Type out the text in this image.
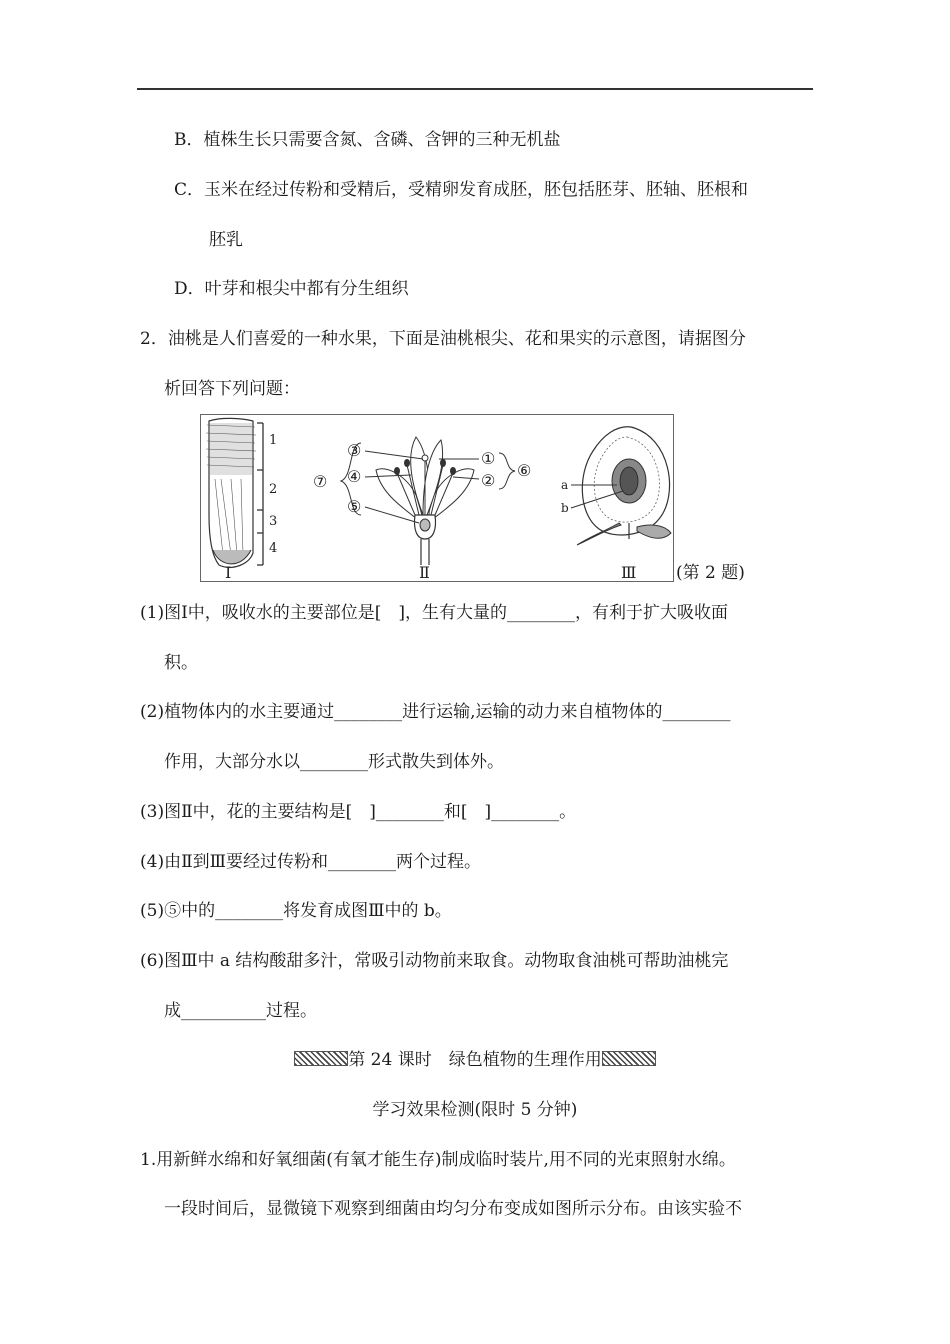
B．植株生长只需要含氮、含磷、含钾的三种无机盐
C．玉米在经过传粉和受精后，受精卵发育成胚，胚包括胚芽、胚轴、胚根和
胚乳
D．叶芽和根尖中都有分生组织
2．油桃是人们喜爱的一种水果，下面是油桃根尖、花和果实的示意图，请据图分
析回答下列问题：
1
2
3
4
Ⅰ
③
④
⑤
⑦
①
②
⑥
Ⅱ
a
b
Ⅲ (第 2 题)
(1)图Ⅰ中，吸收水的主要部位是[　]，生有大量的________，有利于扩大吸收面
积。
(2)植物体内的水主要通过________进行运输,运输的动力来自植物体的________
作用，大部分水以________形式散失到体外。
(3)图Ⅱ中，花的主要结构是[　]________和[　]________。
(4)由Ⅱ到Ⅲ要经过传粉和________两个过程。
(5)⑤中的________将发育成图Ⅲ中的 b。
(6)图Ⅲ中 a 结构酸甜多汁，常吸引动物前来取食。动物取食油桃可帮助油桃完
成__________过程。
第 24 课时　绿色植物的生理作用
学习效果检测(限时 5 分钟)
1.用新鲜水绵和好氧细菌(有氧才能生存)制成临时装片,用不同的光束照射水绵。
一段时间后，显微镜下观察到细菌由均匀分布变成如图所示分布。由该实验不
